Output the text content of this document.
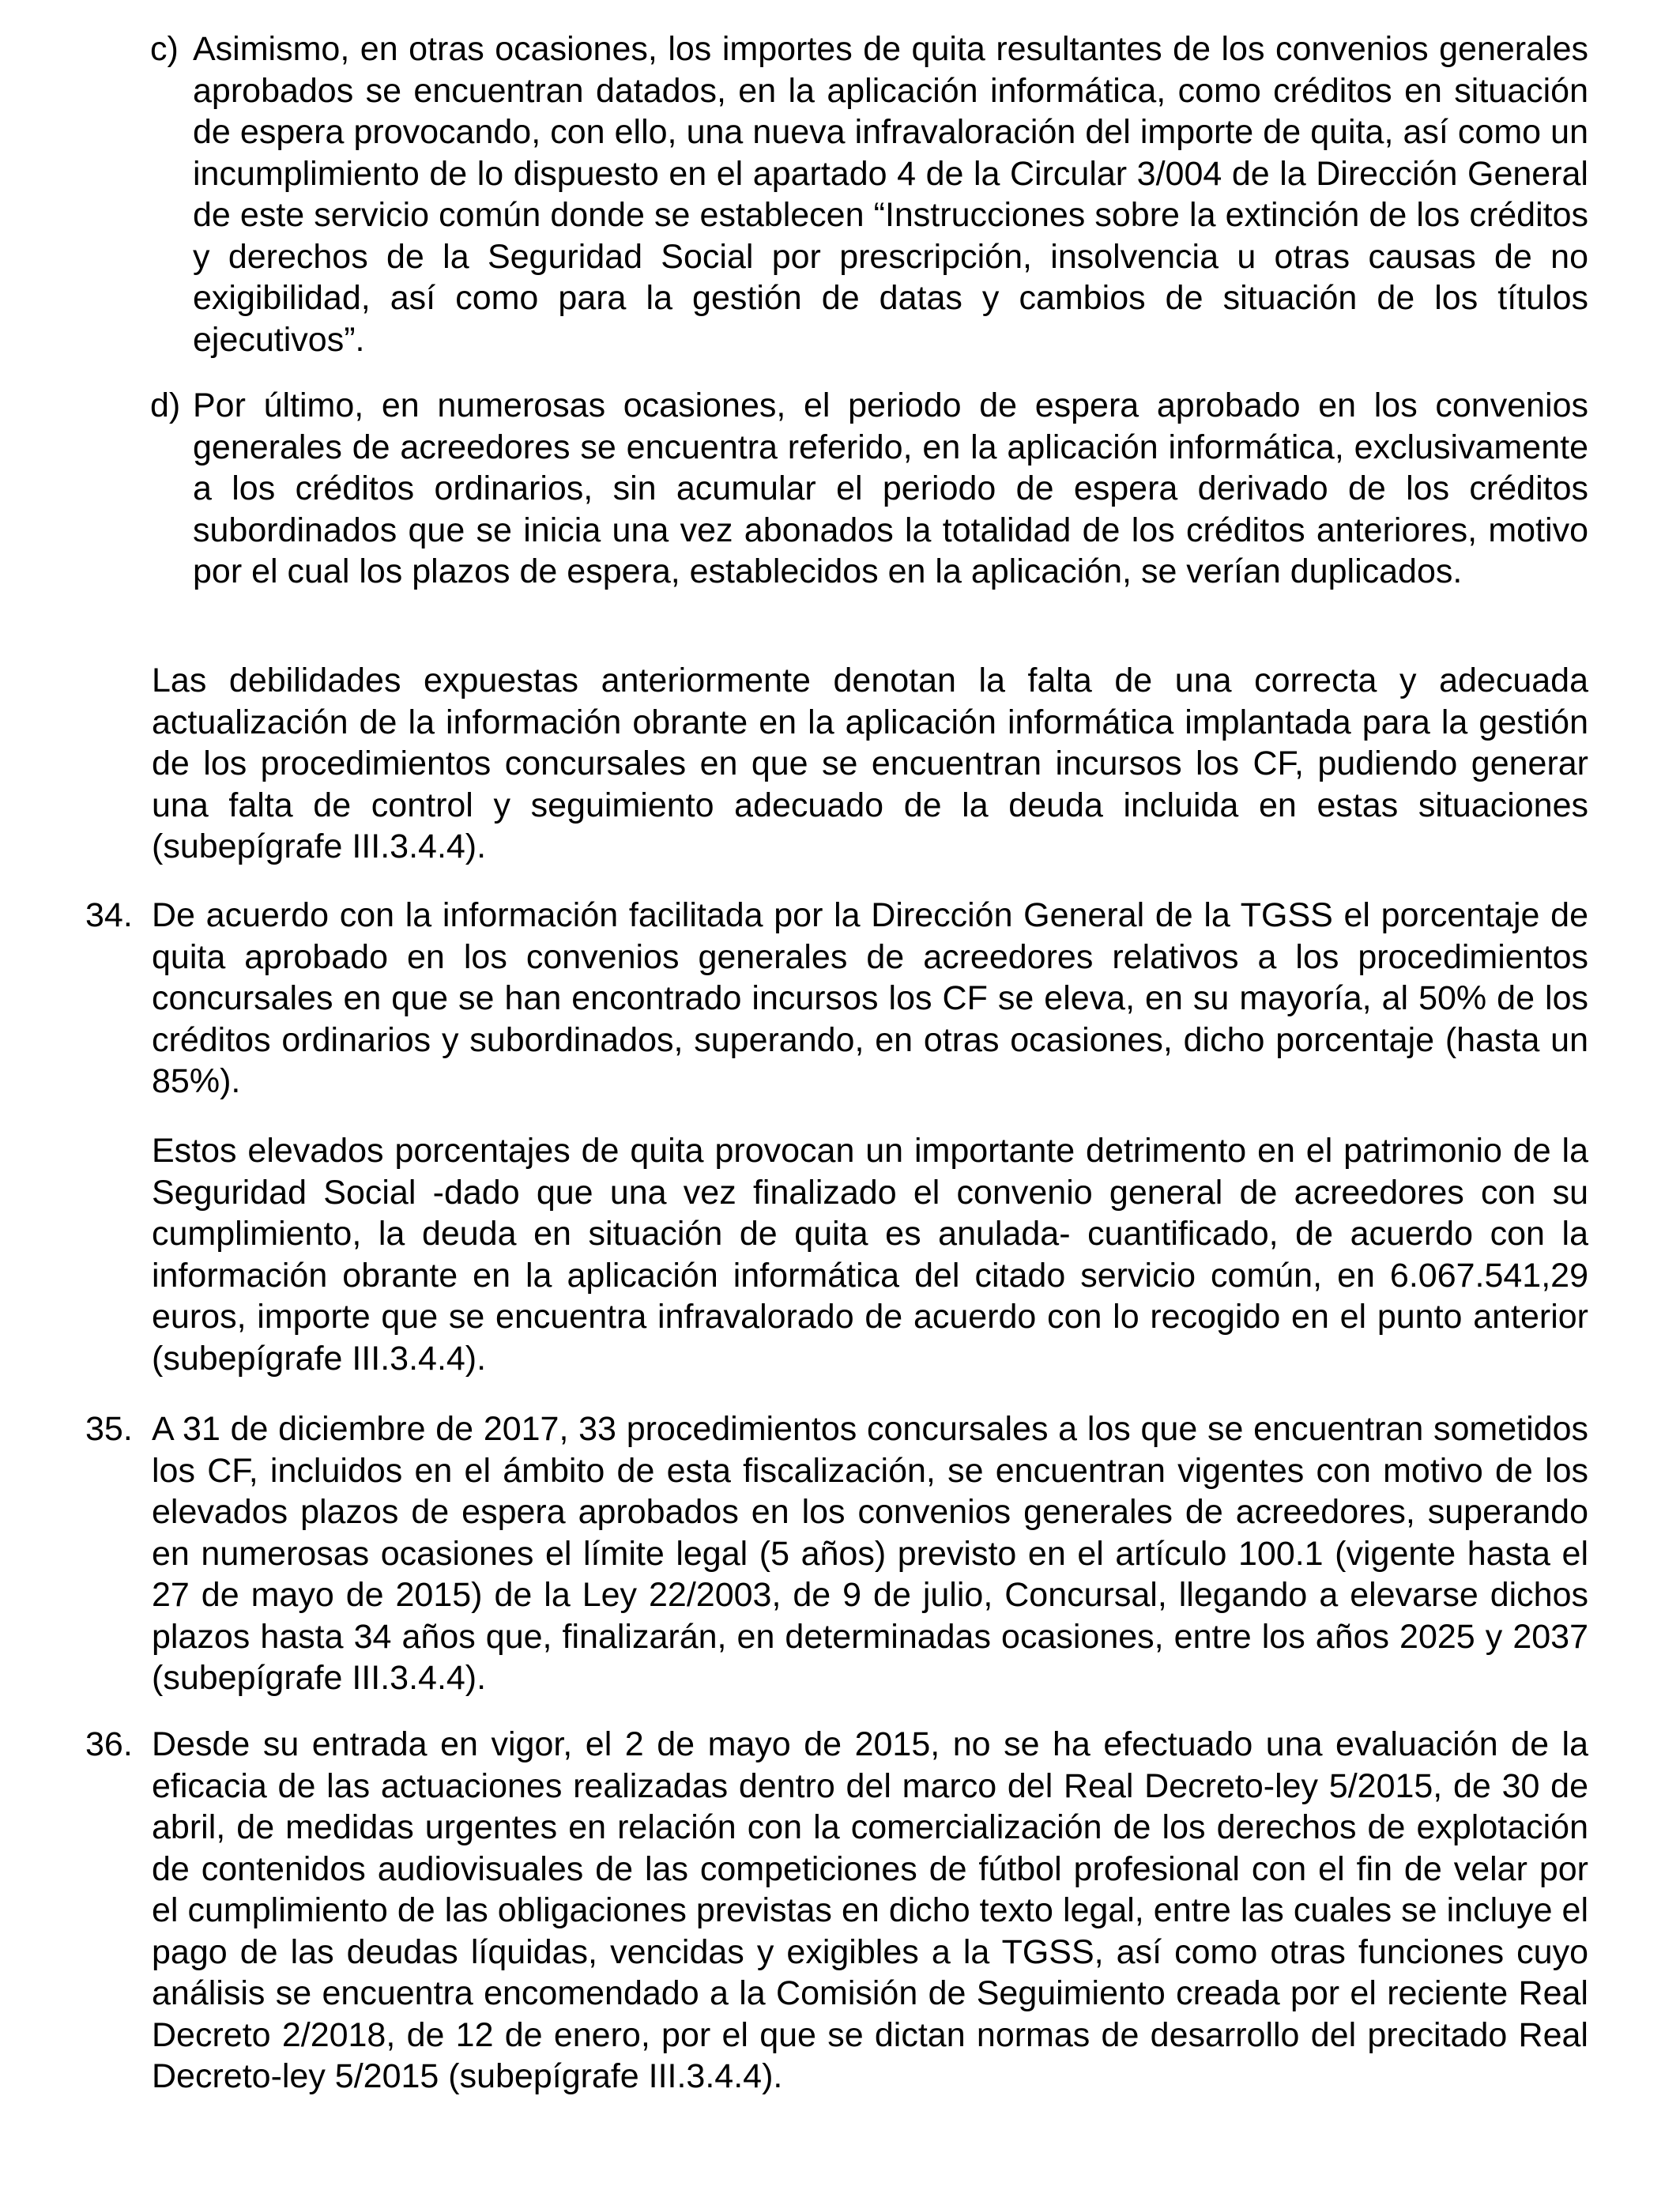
c) Asimismo, en otras ocasiones, los importes de quita resultantes de los convenios generales aprobados se encuentran datados, en la aplicación informática, como créditos en situación de espera provocando, con ello, una nueva infravaloración del importe de quita, así como un incumplimiento de lo dispuesto en el apartado 4 de la Circular 3/004 de la Dirección General de este servicio común donde se establecen “Instrucciones sobre la extinción de los créditos y derechos de la Seguridad Social por prescripción, insolvencia u otras causas de no exigibilidad, así como para la gestión de datas y cambios de situación de los títulos ejecutivos”.

d) Por último, en numerosas ocasiones, el periodo de espera aprobado en los convenios generales de acreedores se encuentra referido, en la aplicación informática, exclusivamente a los créditos ordinarios, sin acumular el periodo de espera derivado de los créditos subordinados que se inicia una vez abonados la totalidad de los créditos anteriores, motivo por el cual los plazos de espera, establecidos en la aplicación, se verían duplicados.

Las debilidades expuestas anteriormente denotan la falta de una correcta y adecuada actualización de la información obrante en la aplicación informática implantada para la gestión de los procedimientos concursales en que se encuentran incursos los CF, pudiendo generar una falta de control y seguimiento adecuado de la deuda incluida en estas situaciones (subepígrafe III.3.4.4).

34. De acuerdo con la información facilitada por la Dirección General de la TGSS el porcentaje de quita aprobado en los convenios generales de acreedores relativos a los procedimientos concursales en que se han encontrado incursos los CF se eleva, en su mayoría, al 50% de los créditos ordinarios y subordinados, superando, en otras ocasiones, dicho porcentaje (hasta un 85%).

Estos elevados porcentajes de quita provocan un importante detrimento en el patrimonio de la Seguridad Social -dado que una vez finalizado el convenio general de acreedores con su cumplimiento, la deuda en situación de quita es anulada- cuantificado, de acuerdo con la información obrante en la aplicación informática del citado servicio común, en 6.067.541,29 euros, importe que se encuentra infravalorado de acuerdo con lo recogido en el punto anterior (subepígrafe III.3.4.4).

35. A 31 de diciembre de 2017, 33 procedimientos concursales a los que se encuentran sometidos los CF, incluidos en el ámbito de esta fiscalización, se encuentran vigentes con motivo de los elevados plazos de espera aprobados en los convenios generales de acreedores, superando en numerosas ocasiones el límite legal (5 años) previsto en el artículo 100.1 (vigente hasta el 27 de mayo de 2015) de la Ley 22/2003, de 9 de julio, Concursal, llegando a elevarse dichos plazos hasta 34 años que, finalizarán, en determinadas ocasiones, entre los años 2025 y 2037 (subepígrafe III.3.4.4).

36. Desde su entrada en vigor, el 2 de mayo de 2015, no se ha efectuado una evaluación de la eficacia de las actuaciones realizadas dentro del marco del Real Decreto-ley 5/2015, de 30 de abril, de medidas urgentes en relación con la comercialización de los derechos de explotación de contenidos audiovisuales de las competiciones de fútbol profesional con el fin de velar por el cumplimiento de las obligaciones previstas en dicho texto legal, entre las cuales se incluye el pago de las deudas líquidas, vencidas y exigibles a la TGSS, así como otras funciones cuyo análisis se encuentra encomendado a la Comisión de Seguimiento creada por el reciente Real Decreto 2/2018, de 12 de enero, por el que se dictan normas de desarrollo del precitado Real Decreto-ley 5/2015 (subepígrafe III.3.4.4).
